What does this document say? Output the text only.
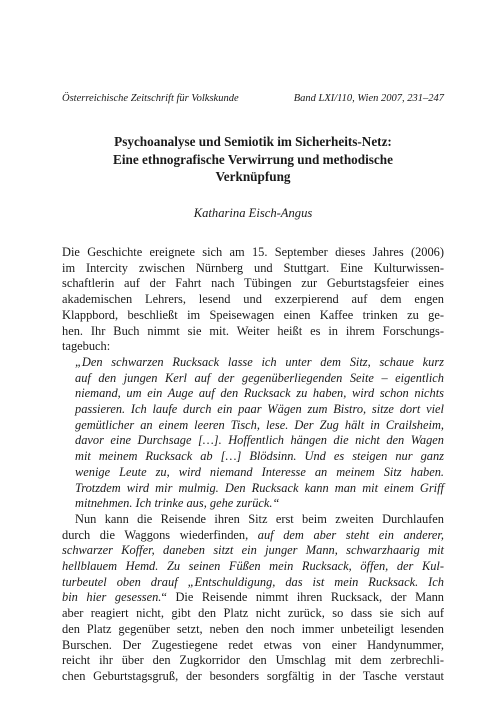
Österreichische Zeitschrift für Volkskunde	Band LXI/110, Wien 2007, 231–247
Psychoanalyse und Semiotik im Sicherheits-Netz:
Eine ethnografische Verwirrung und methodische
Verknüpfung
Katharina Eisch-Angus

Die Geschichte ereignete sich am 15. September dieses Jahres (2006)

im Intercity zwischen Nürnberg und Stuttgart. Eine Kulturwissen-

schaftlerin auf der Fahrt nach Tübingen zur Geburtstagsfeier eines

akademischen Lehrers, lesend und exzerpierend auf dem engen

Klappbord, beschließt im Speisewagen einen Kaffee trinken zu ge-

hen. Ihr Buch nimmt sie mit. Weiter heißt es in ihrem Forschungs-

tagebuch:

„Den schwarzen Rucksack lasse ich unter dem Sitz, schaue kurz

auf den jungen Kerl auf der gegenüberliegenden Seite – eigentlich

niemand, um ein Auge auf den Rucksack zu haben, wird schon nichts

passieren. Ich laufe durch ein paar Wägen zum Bistro, sitze dort viel

gemütlicher an einem leeren Tisch, lese. Der Zug hält in Crailsheim,

davor eine Durchsage […]. Hoffentlich hängen die nicht den Wagen

mit meinem Rucksack ab […] Blödsinn. Und es steigen nur ganz

wenige Leute zu, wird niemand Interesse an meinem Sitz haben.

Trotzdem wird mir mulmig. Den Rucksack kann man mit einem Griff

mitnehmen. Ich trinke aus, gehe zurück.“

Nun kann die Reisende ihren Sitz erst beim zweiten Durchlaufen

durch die Waggons wiederfinden, auf dem aber steht ein anderer,

schwarzer Koffer, daneben sitzt ein junger Mann, schwarzhaarig mit

hellblauem Hemd. Zu seinen Füßen mein Rucksack, öffen, der Kul-

turbeutel oben drauf „Entschuldigung, das ist mein Rucksack. Ich

bin hier gesessen.“ Die Reisende nimmt ihren Rucksack, der Mann

aber reagiert nicht, gibt den Platz nicht zurück, so dass sie sich auf

den Platz gegenüber setzt, neben den noch immer unbeteiligt lesenden

Burschen. Der Zugestiegene redet etwas von einer Handynummer,

reicht ihr über den Zugkorridor den Umschlag mit dem zerbrechli-

chen Geburtstagsgruß, der besonders sorgfältig in der Tasche verstaut
